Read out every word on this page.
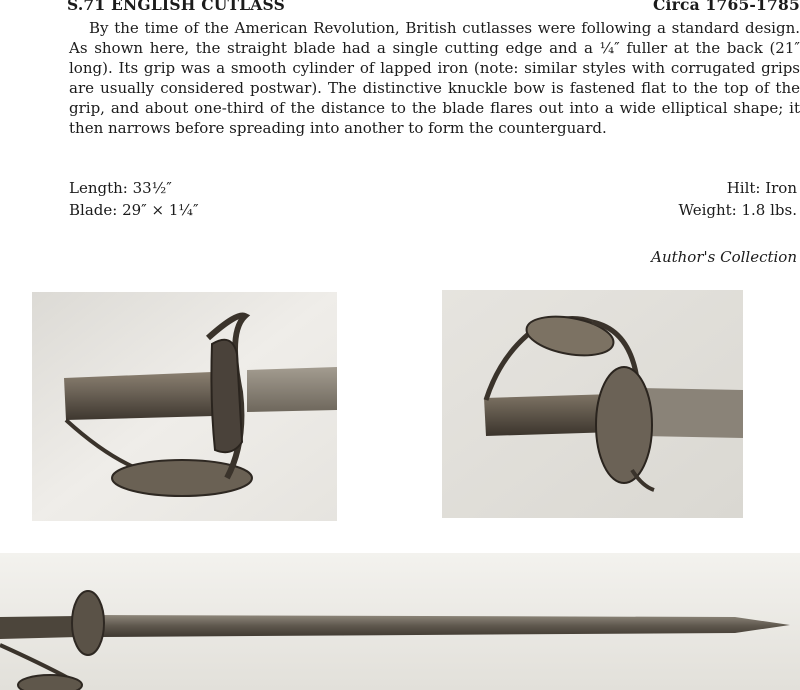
S.71 ENGLISH CUTLASS	Circa 1765-1785
By the time of the American Revolution, British cutlasses were following a standard design. As shown here, the straight blade had a single cutting edge and a ¼″ fuller at the back (21″ long). Its grip was a smooth cylinder of lapped iron (note: similar styles with corrugated grips are usually considered postwar). The distinctive knuckle bow is fastened flat to the top of the grip, and about one-third of the distance to the blade flares out into a wide elliptical shape; it then narrows before spreading into another to form the counterguard.
Length: 33½″
Blade: 29″ × 1¼″
Hilt: Iron
Weight: 1.8 lbs.
Author's Collection
